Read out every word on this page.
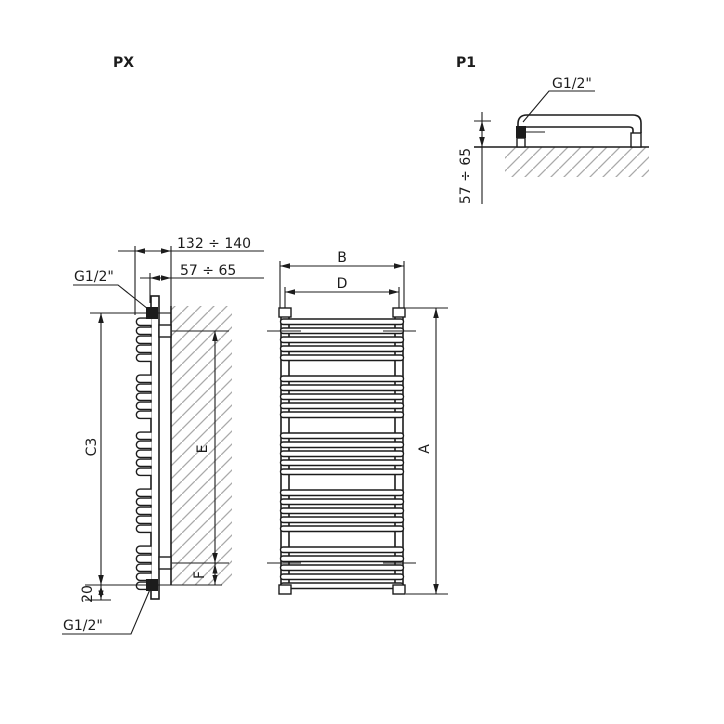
PX
132 ÷ 140
57 ÷ 65
C3
20
E
F
G1/2"
G1/2"
B
D
A
P1
G1/2"
57 ÷ 65
